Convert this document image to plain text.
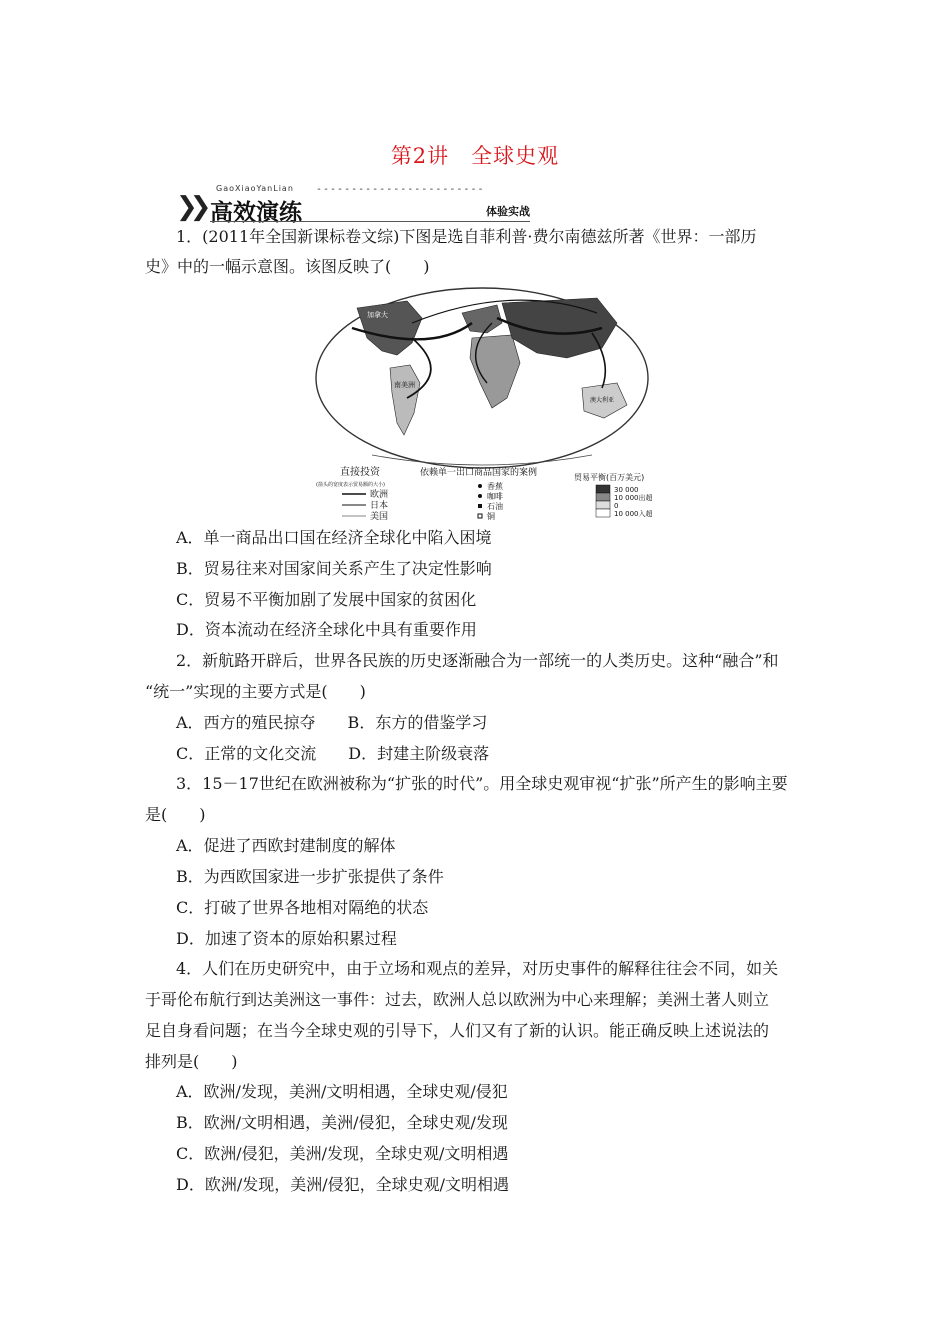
第2讲　全球史观
❯❯
GaoXiaoYanLian ------------------------
高效演练	体验实战
1．(2011年全国新课标卷文综)下图是选自菲利普·费尔南德兹所著《世界：一部历
史》中的一幅示意图。该图反映了(　　)
加拿大
南美洲
澳大利亚
直接投资
(箭头的宽度表示贸易额的大小)
欧洲
日本
美国
依赖单一出口商品国家的案例
香蕉
咖啡
石油
铜
贸易平衡(百万美元)
30 000
10 000出超
0
10 000入超
A．单一商品出口国在经济全球化中陷入困境
B．贸易往来对国家间关系产生了决定性影响
C．贸易不平衡加剧了发展中国家的贫困化
D．资本流动在经济全球化中具有重要作用
2．新航路开辟后，世界各民族的历史逐渐融合为一部统一的人类历史。这种“融合”和
“统一”实现的主要方式是(　　)
A．西方的殖民掠夺　　B．东方的借鉴学习
C．正常的文化交流　　D．封建主阶级衰落
3．15－17世纪在欧洲被称为“扩张的时代”。用全球史观审视“扩张”所产生的影响主要
是(　　)
A．促进了西欧封建制度的解体
B．为西欧国家进一步扩张提供了条件
C．打破了世界各地相对隔绝的状态
D．加速了资本的原始积累过程
4．人们在历史研究中，由于立场和观点的差异，对历史事件的解释往往会不同，如关
于哥伦布航行到达美洲这一事件：过去，欧洲人总以欧洲为中心来理解；美洲土著人则立
足自身看问题；在当今全球史观的引导下，人们又有了新的认识。能正确反映上述说法的
排列是(　　)
A．欧洲/发现，美洲/文明相遇，全球史观/侵犯
B．欧洲/文明相遇，美洲/侵犯，全球史观/发现
C．欧洲/侵犯，美洲/发现，全球史观/文明相遇
D．欧洲/发现，美洲/侵犯，全球史观/文明相遇
